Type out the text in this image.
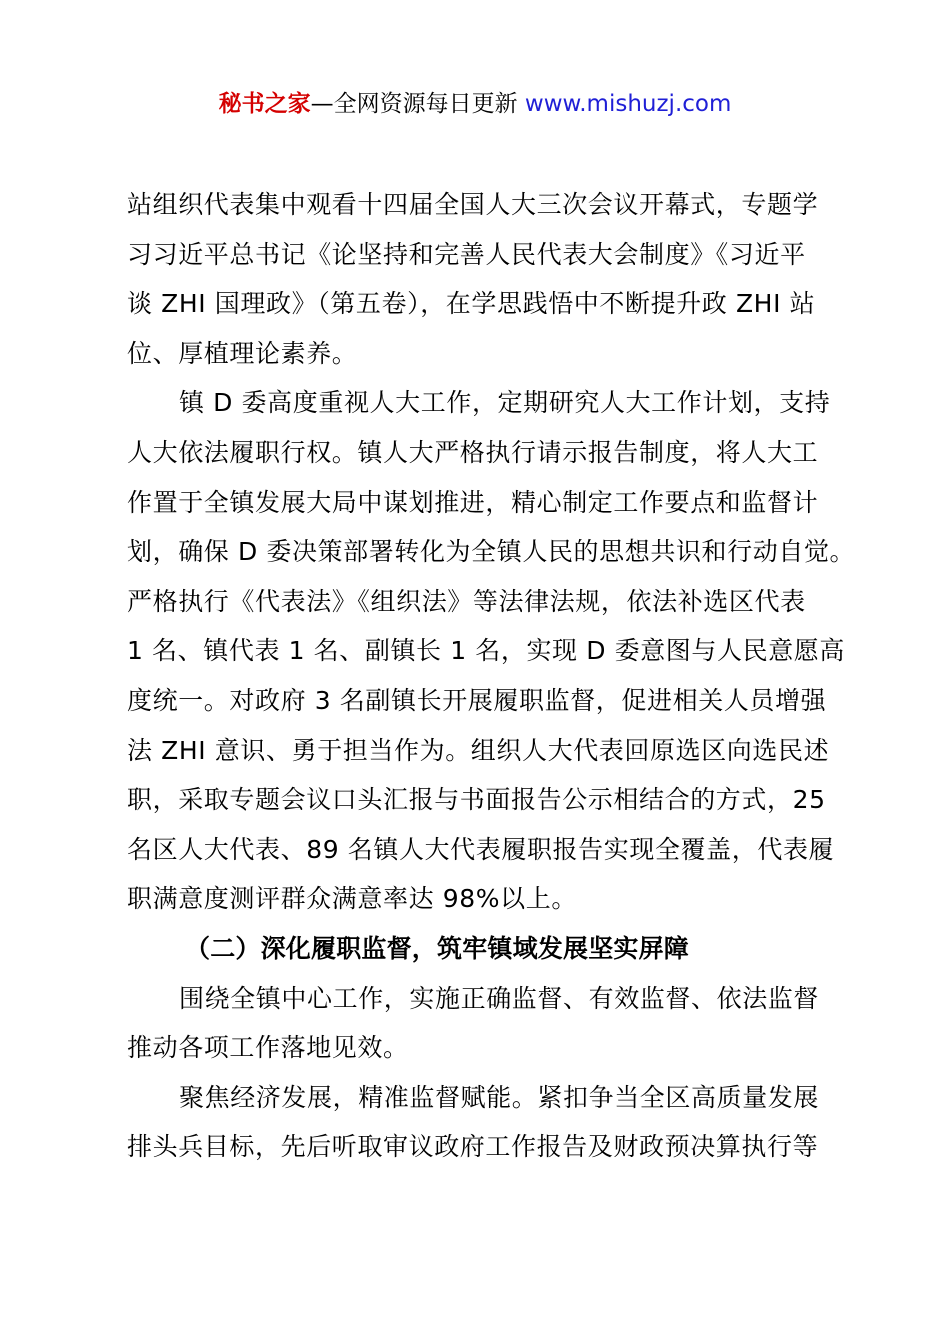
秘书之家—全网资源每日更新 www.mishuzj.com
站组织代表集中观看十四届全国人大三次会议开幕式，专题学
习习近平总书记《论坚持和完善人民代表大会制度》《习近平
谈 ZHI 国理政》（第五卷），在学思践悟中不断提升政 ZHI 站
位、厚植理论素养。
镇 D 委高度重视人大工作，定期研究人大工作计划，支持
人大依法履职行权。镇人大严格执行请示报告制度，将人大工
作置于全镇发展大局中谋划推进，精心制定工作要点和监督计
划，确保 D 委决策部署转化为全镇人民的思想共识和行动自觉。
严格执行《代表法》《组织法》等法律法规，依法补选区代表
1 名、镇代表 1 名、副镇长 1 名，实现 D 委意图与人民意愿高
度统一。对政府 3 名副镇长开展履职监督，促进相关人员增强
法 ZHI 意识、勇于担当作为。组织人大代表回原选区向选民述
职，采取专题会议口头汇报与书面报告公示相结合的方式，25
名区人大代表、89 名镇人大代表履职报告实现全覆盖，代表履
职满意度测评群众满意率达 98%以上。
（二）深化履职监督，筑牢镇域发展坚实屏障
围绕全镇中心工作，实施正确监督、有效监督、依法监督
推动各项工作落地见效。
聚焦经济发展，精准监督赋能。紧扣争当全区高质量发展
排头兵目标，先后听取审议政府工作报告及财政预决算执行等
